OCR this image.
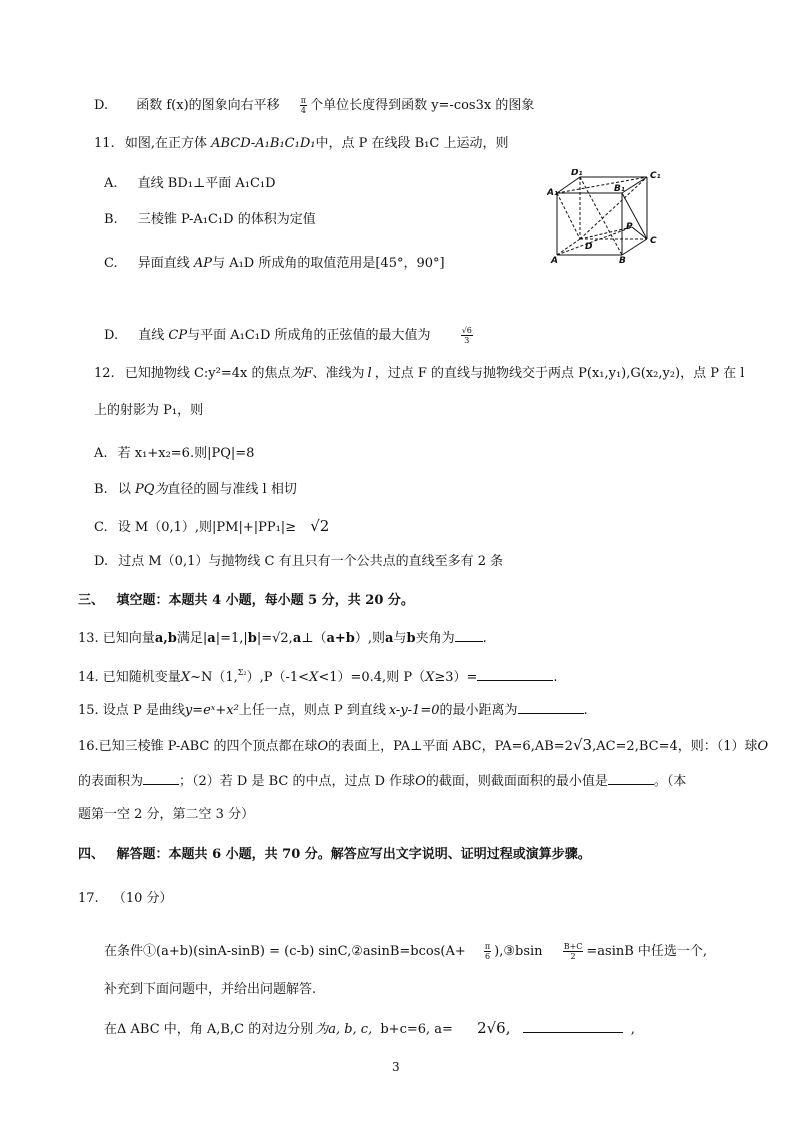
D. 函数 f(x)的图象向右平移	$\frac{\pi}{4}$ 个单位长度得到函数 y=-cos3x 的图象
11. 如图,在正方体 ABCD-A₁B₁C₁D₁中，点 P 在线段 B₁C 上运动，则
A. 直线 BD₁⊥平面 A₁C₁D
B. 三棱锥 P-A₁C₁D 的体积为定值
C. 异面直线 AP与 A₁D 所成角的取值范用是[45°，90°]
D. 直线 CP与平面 A₁C₁D 所成角的正弦值的最大值为	$\frac{√6}{3}$
D₁	C₁
A₁	B₁
D
P
C
A	B
12. 已知抛物线 C:y²=4x 的焦点为F、准线为 l ，过点 F 的直线与抛物线交于两点 P(x₁,y₁),G(x₂,y₂)，点 P 在 l
上的射影为 P₁，则
A. 若 x₁+x₂=6.则|PQ|=8
B. 以 PQ为直径的圆与准线 l 相切
C. 设 M（0,1）,则|PM|+|PP₁|≥ √2
D. 过点 M（0,1）与抛物线 C 有且只有一个公共点的直线至多有 2 条
三、 填空题：本题共 4 小题，每小题 5 分，共 20 分。
13. 已知向量a,b满足|a|=1,|b|=√2,a⊥（a+b）,则a与b夹角为 .
14. 已知随机变量X~N（1,$^{\Sigma_2}$）,P（-1<X<1）=0.4,则 P（X≥3）=	.
15. 设点 P 是曲线y=eˣ+x²上任一点，则点 P 到直线 x-y-1=0的最小距离为	.
16.已知三棱锥 P-ABC 的四个顶点都在球O的表面上，PA⊥平面 ABC，PA=6,AB=2√3,AC=2,BC=4，则：（1）球O
的表面积为	；（2）若 D 是 BC 的中点，过点 D 作球O的截面，则截面面积的最小值是	。（本
题第一空 2 分，第二空 3 分）
四、 解答题：本题共 6 小题，共 70 分。解答应写出文字说明、证明过程或演算步骤。
17. （10 分）
在条件①(a+b)(sinA-sinB) = (c-b) sinC,②asinB=bcos(A+ $\frac{\pi}{6}$ ),③bsin	$\frac{B+C}{2} =asinB$ 中任选一个,
补充到下面问题中，并给出问题解答.
在Δ ABC 中，角 A,B,C 的对边分别 为a, b, c, b+c=6, a= 2√6,	,
3
